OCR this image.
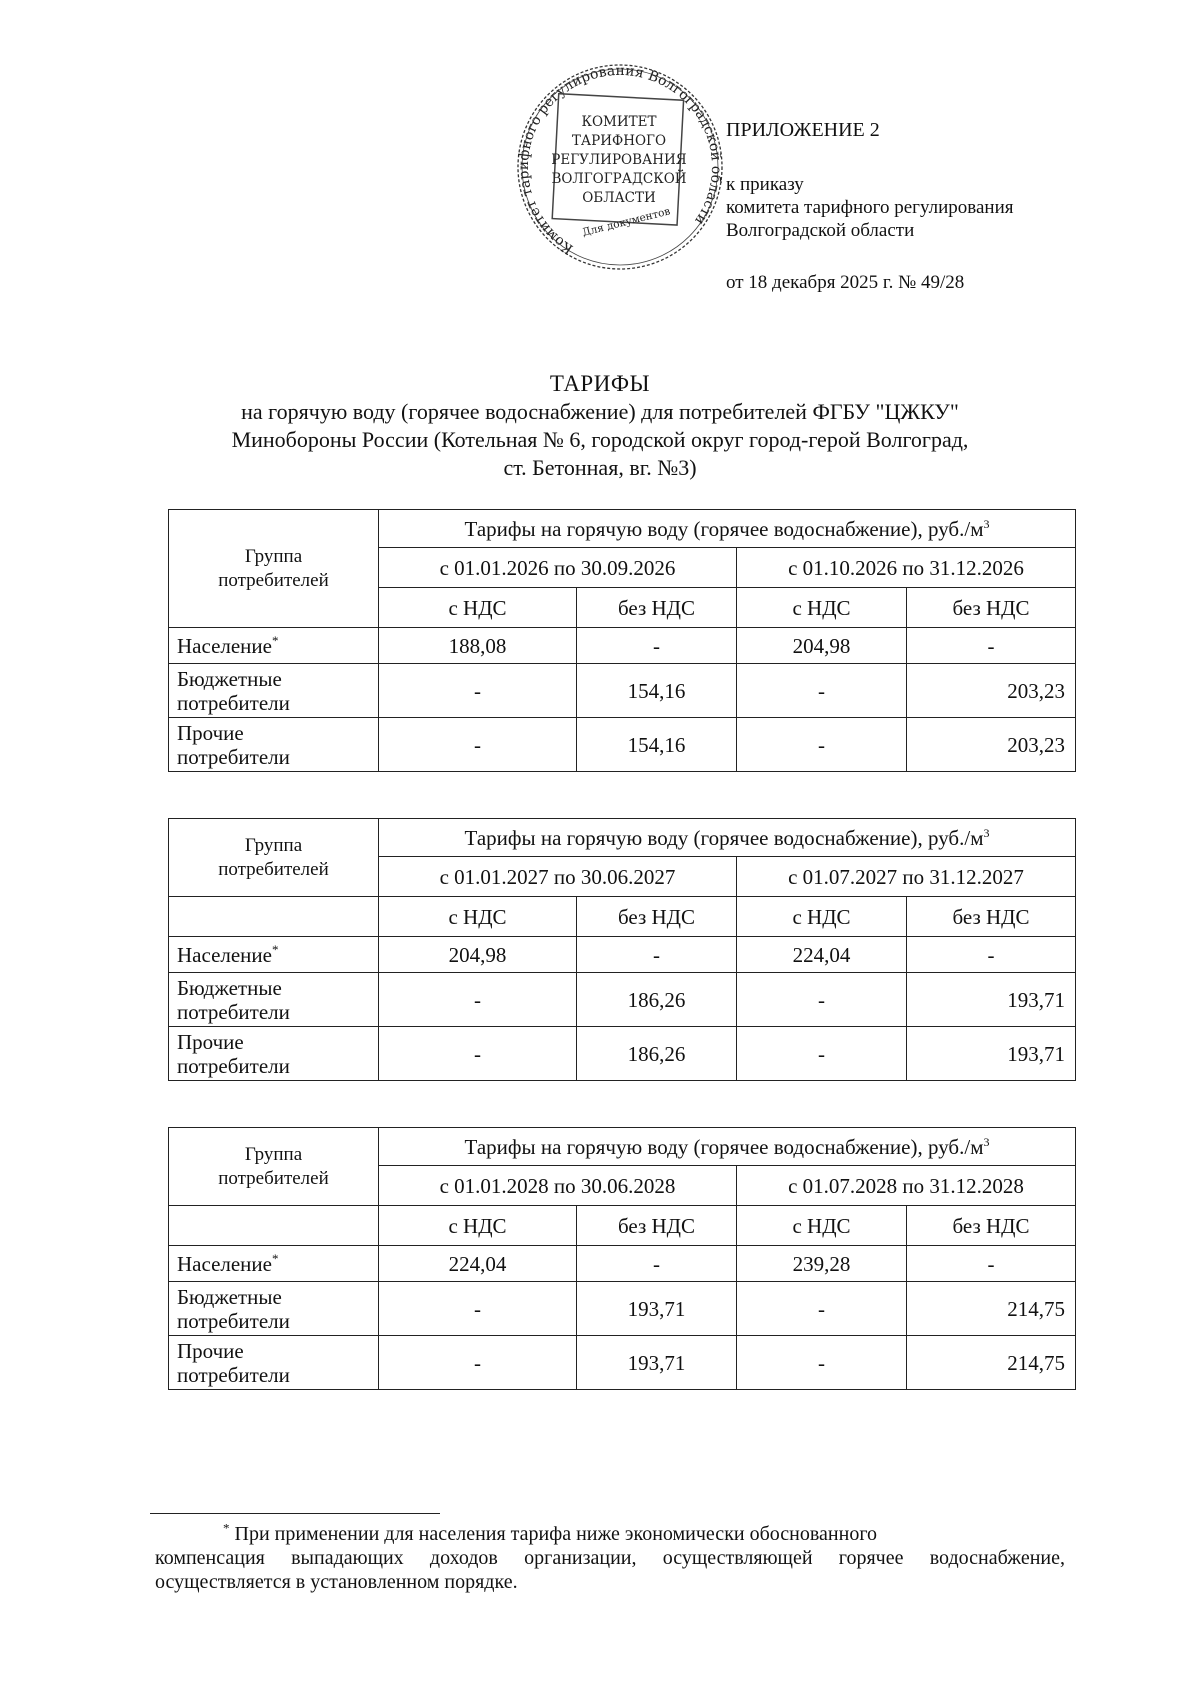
Комитет тарифного регулирования Волгоградской области
КОМИТЕТ
ТАРИФНОГО
РЕГУЛИРОВАНИЯ
ВОЛГОГРАДСКОЙ
ОБЛАСТИ
Для документов
ПРИЛОЖЕНИЕ 2
к приказу
комитета тарифного регулирования
Волгоградской области
от 18 декабря 2025 г. № 49/28
ТАРИФЫ
на горячую воду (горячее водоснабжение) для потребителей ФГБУ "ЦЖКУ"
Минобороны России (Котельная № 6, городской округ город-герой Волгоград,
ст. Бетонная, вг. №3)
Группа
потребителей	Тарифы на горячую воду (горячее водоснабжение), $руб./м^3$
	с 01.01.2026 по 30.09.2026		с 01.10.2026 по 31.12.2026	
	с НДС	без НДС	с НДС	без НДС
Население*	188,08	-	204,98	-
Бюджетные
потребители	-	154,16	-	203,23
Прочие
потребители	-	154,16	-	203,23
Группа
потребителей	Тарифы на горячую воду (горячее водоснабжение), $руб./м^3$
	с 01.01.2027 по 30.06.2027		с 01.07.2027 по 31.12.2027	
	с НДС	без НДС	с НДС	без НДС
Население*	204,98	-	224,04	-
Бюджетные
потребители	-	186,26	-	193,71
Прочие
потребители	-	186,26	-	193,71
Группа
потребителей	Тарифы на горячую воду (горячее водоснабжение), $руб./м^3$
	с 01.01.2028 по 30.06.2028		с 01.07.2028 по 31.12.2028	
	с НДС	без НДС	с НДС	без НДС
Население*	224,04	-	239,28	-
Бюджетные
потребители	-	193,71	-	214,75
Прочие
потребители	-	193,71	-	214,75
* При применении для населения тарифа ниже экономически обоснованного
компенсация выпадающих доходов организации, осуществляющей горячее водоснабжение, осуществляется в установленном порядке.
